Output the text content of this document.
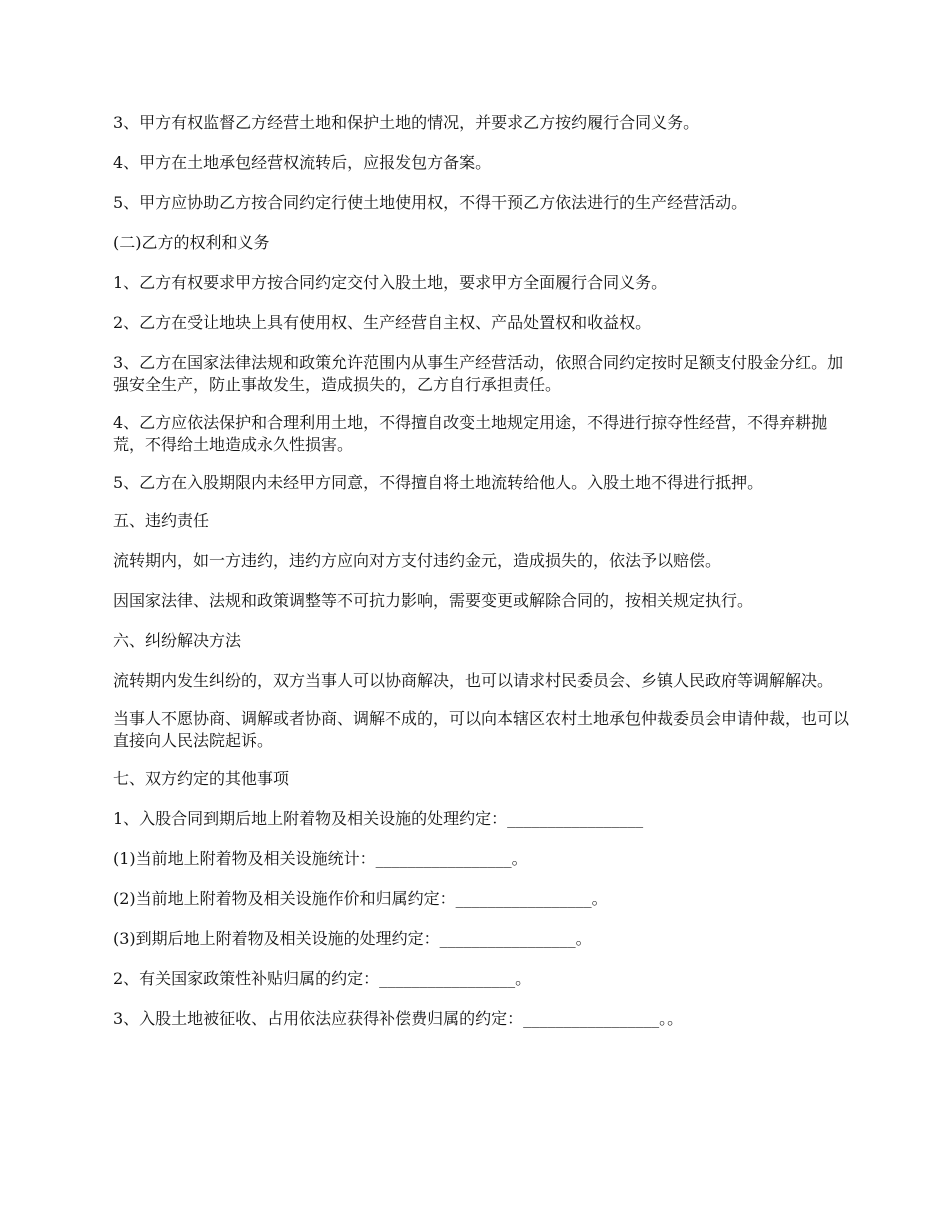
3、甲方有权监督乙方经营土地和保护土地的情况，并要求乙方按约履行合同义务。

4、甲方在土地承包经营权流转后，应报发包方备案。

5、甲方应协助乙方按合同约定行使土地使用权，不得干预乙方依法进行的生产经营活动。

(二)乙方的权利和义务

1、乙方有权要求甲方按合同约定交付入股土地，要求甲方全面履行合同义务。

2、乙方在受让地块上具有使用权、生产经营自主权、产品处置权和收益权。

3、乙方在国家法律法规和政策允许范围内从事生产经营活动，依照合同约定按时足额支付股金分红。加强安全生产，防止事故发生，造成损失的，乙方自行承担责任。

4、乙方应依法保护和合理利用土地，不得擅自改变土地规定用途，不得进行掠夺性经营，不得弃耕抛荒，不得给土地造成永久性损害。

5、乙方在入股期限内未经甲方同意，不得擅自将土地流转给他人。入股土地不得进行抵押。

五、违约责任

流转期内，如一方违约，违约方应向对方支付违约金元，造成损失的，依法予以赔偿。

因国家法律、法规和政策调整等不可抗力影响，需要变更或解除合同的，按相关规定执行。

六、纠纷解决方法

流转期内发生纠纷的，双方当事人可以协商解决，也可以请求村民委员会、乡镇人民政府等调解解决。

当事人不愿协商、调解或者协商、调解不成的，可以向本辖区农村土地承包仲裁委员会申请仲裁，也可以直接向人民法院起诉。

七、双方约定的其他事项

1、入股合同到期后地上附着物及相关设施的处理约定：_________________

(1)当前地上附着物及相关设施统计：_________________。

(2)当前地上附着物及相关设施作价和归属约定：_________________。

(3)到期后地上附着物及相关设施的处理约定：_________________。

2、有关国家政策性补贴归属的约定：_________________。

3、入股土地被征收、占用依法应获得补偿费归属的约定：_________________。。
